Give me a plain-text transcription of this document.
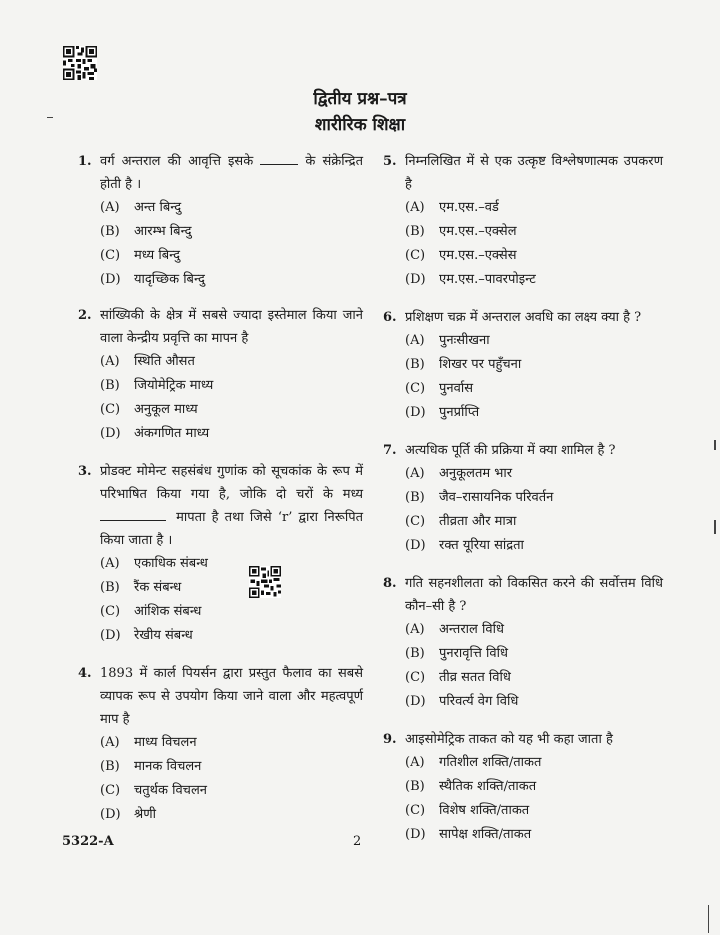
द्वितीय प्रश्न–पत्र
शारीरिक शिक्षा
1. वर्ग अन्तराल की आवृत्ति इसके	के संक्रेन्द्रित होती है ।
(A)	अन्त बिन्दु
(B)	आरम्भ बिन्दु
(C)	मध्य बिन्दु
(D)	यादृच्छिक बिन्दु
2. सांख्यिकी के क्षेत्र में सबसे ज्यादा इस्तेमाल किया जाने वाला केन्द्रीय प्रवृत्ति का मापन है
(A)	स्थिति औसत
(B)	जियोमेट्रिक माध्य
(C)	अनुकूल माध्य
(D)	अंकगणित माध्य
3. प्रोडक्ट मोमेन्ट सहसंबंध गुणांक को सूचकांक के रूप में परिभाषित किया गया है, जोकि दो चरों के मध्य  मापता है तथा जिसे ‘r’ द्वारा निरूपित किया जाता है ।
(A)	एकाधिक संबन्ध
(B)	रैंक संबन्ध
(C)	आंशिक संबन्ध
(D)	रेखीय संबन्ध
4. 1893 में कार्ल पियर्सन द्वारा प्रस्तुत फैलाव का सबसे व्यापक रूप से उपयोग किया जाने वाला और महत्वपूर्ण माप है
(A)	माध्य विचलन
(B)	मानक विचलन
(C)	चतुर्थक विचलन
(D)	श्रेणी
5. निम्नलिखित में से एक उत्कृष्ट विश्लेषणात्मक उपकरण है
(A)	एम.एस.–वर्ड
(B)	एम.एस.–एक्सेल
(C)	एम.एस.–एक्सेस
(D)	एम.एस.–पावरपोइन्ट
6. प्रशिक्षण चक्र में अन्तराल अवधि का लक्ष्य क्या है ?
(A)	पुनःसीखना
(B)	शिखर पर पहुँचना
(C)	पुनर्वास
(D)	पुनर्प्राप्ति
7. अत्यधिक पूर्ति की प्रक्रिया में क्या शामिल है ?
(A)	अनुकूलतम भार
(B)	जैव–रासायनिक परिवर्तन
(C)	तीव्रता और मात्रा
(D)	रक्त यूरिया सांद्रता
8. गति सहनशीलता को विकसित करने की सर्वोत्तम विधि कौन–सी है ?
(A)	अन्तराल विधि
(B)	पुनरावृत्ति विधि
(C)	तीव्र सतत विधि
(D)	परिवर्त्य वेग विधि
9. आइसोमेट्रिक ताकत को यह भी कहा जाता है
(A)	गतिशील शक्ति/ताकत
(B)	स्थैतिक शक्ति/ताकत
(C)	विशेष शक्ति/ताकत
(D)	सापेक्ष शक्ति/ताकत
5322-A	2
